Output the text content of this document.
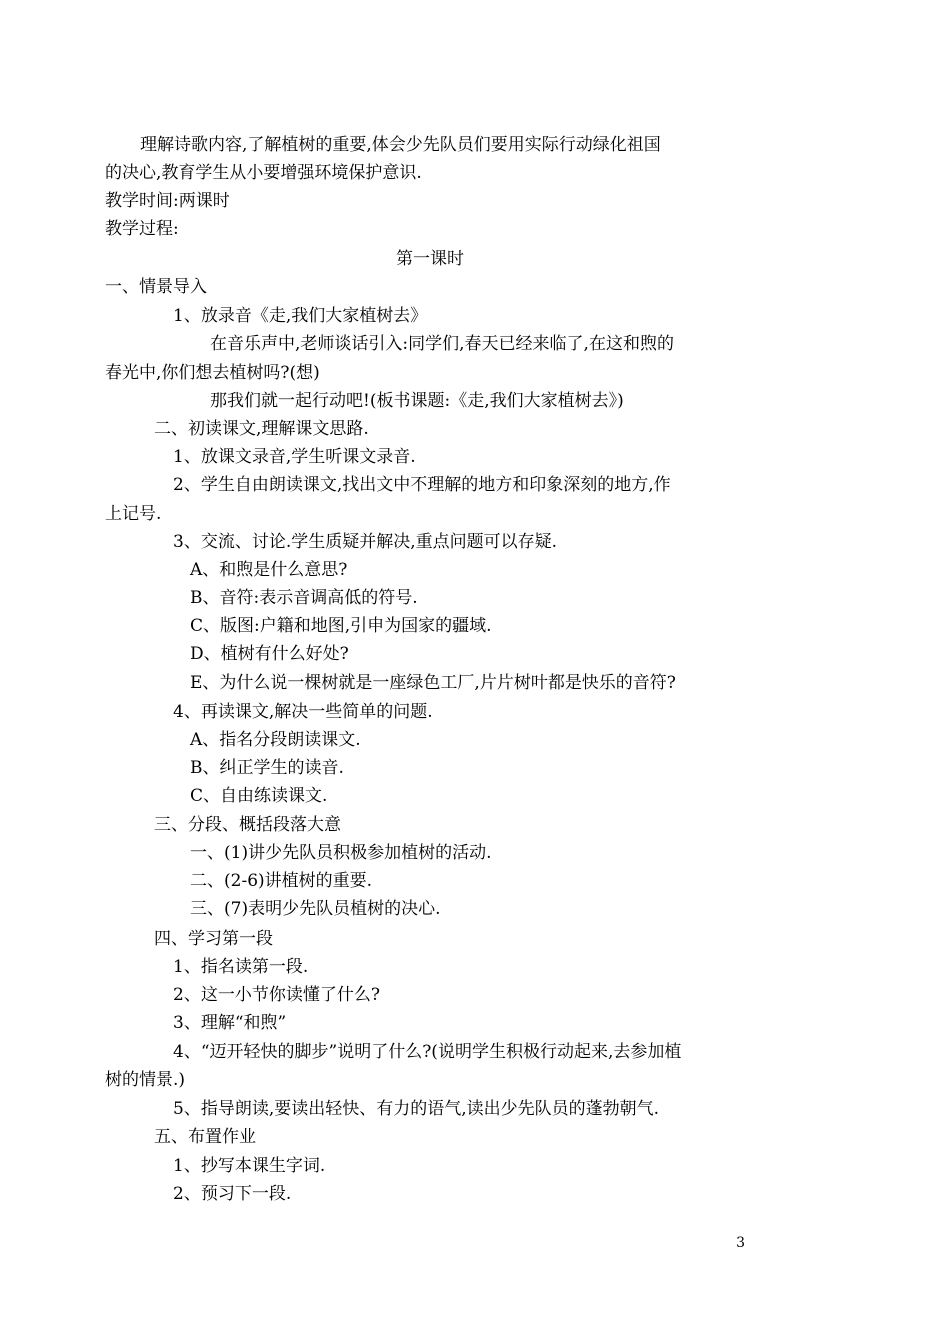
理解诗歌内容,了解植树的重要,体会少先队员们要用实际行动绿化祖国
的决心,教育学生从小要增强环境保护意识.
教学时间:两课时
教学过程:
第一课时
一、情景导入
1、放录音《走,我们大家植树去》
在音乐声中,老师谈话引入:同学们,春天已经来临了,在这和煦的
春光中,你们想去植树吗?(想)
那我们就一起行动吧!(板书课题:《走,我们大家植树去》)
二、初读课文,理解课文思路.
1、放课文录音,学生听课文录音.
2、学生自由朗读课文,找出文中不理解的地方和印象深刻的地方,作
上记号.
3、交流、讨论.学生质疑并解决,重点问题可以存疑.
A、和煦是什么意思?
B、音符:表示音调高低的符号.
C、版图:户籍和地图,引申为国家的疆域.
D、植树有什么好处?
E、为什么说一棵树就是一座绿色工厂,片片树叶都是快乐的音符?
4、再读课文,解决一些简单的问题.
A、指名分段朗读课文.
B、纠正学生的读音.
C、自由练读课文.
三、分段、概括段落大意
一、(1)讲少先队员积极参加植树的活动.
二、(2-6)讲植树的重要.
三、(7)表明少先队员植树的决心.
四、学习第一段
1、指名读第一段.
2、这一小节你读懂了什么?
3、理解“和煦”
4、“迈开轻快的脚步”说明了什么?(说明学生积极行动起来,去参加植
树的情景.)
5、指导朗读,要读出轻快、有力的语气,读出少先队员的蓬勃朝气.
五、布置作业
1、抄写本课生字词.
2、预习下一段.
3
